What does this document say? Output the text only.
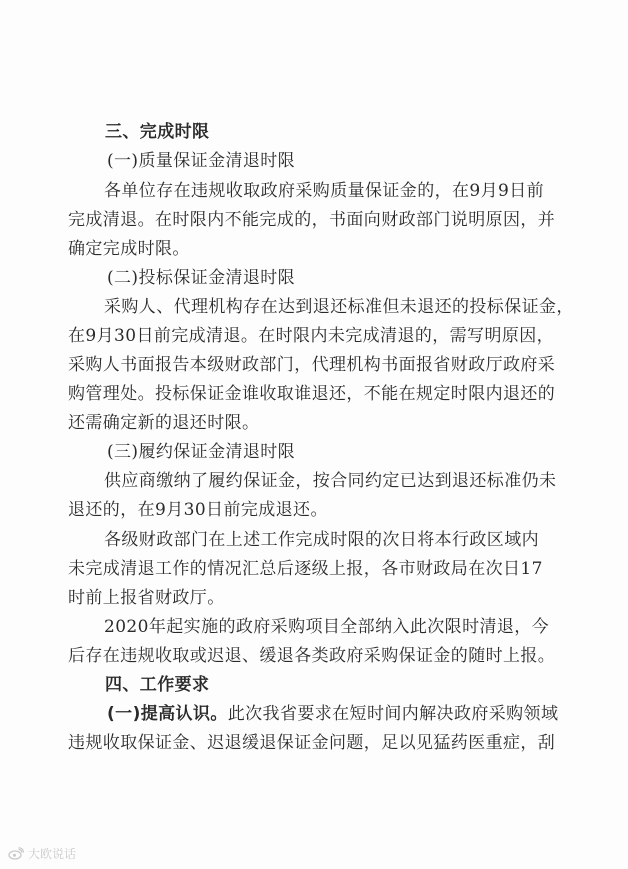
三、完成时限
(一)质量保证金清退时限
各单位存在违规收取政府采购质量保证金的，在9月9日前
完成清退。在时限内不能完成的，书面向财政部门说明原因，并
确定完成时限。
(二)投标保证金清退时限
采购人、代理机构存在达到退还标准但未退还的投标保证金，
在9月30日前完成清退。在时限内未完成清退的，需写明原因，
采购人书面报告本级财政部门，代理机构书面报省财政厅政府采
购管理处。投标保证金谁收取谁退还，不能在规定时限内退还的
还需确定新的退还时限。
(三)履约保证金清退时限
供应商缴纳了履约保证金，按合同约定已达到退还标准仍未
退还的，在9月30日前完成退还。
各级财政部门在上述工作完成时限的次日将本行政区域内
未完成清退工作的情况汇总后逐级上报，各市财政局在次日17
时前上报省财政厅。
2020年起实施的政府采购项目全部纳入此次限时清退，今
后存在违规收取或迟退、缓退各类政府采购保证金的随时上报。
四、工作要求
(一)提高认识。此次我省要求在短时间内解决政府采购领域
违规收取保证金、迟退缓退保证金问题，足以见猛药医重症，刮
大欧说话
